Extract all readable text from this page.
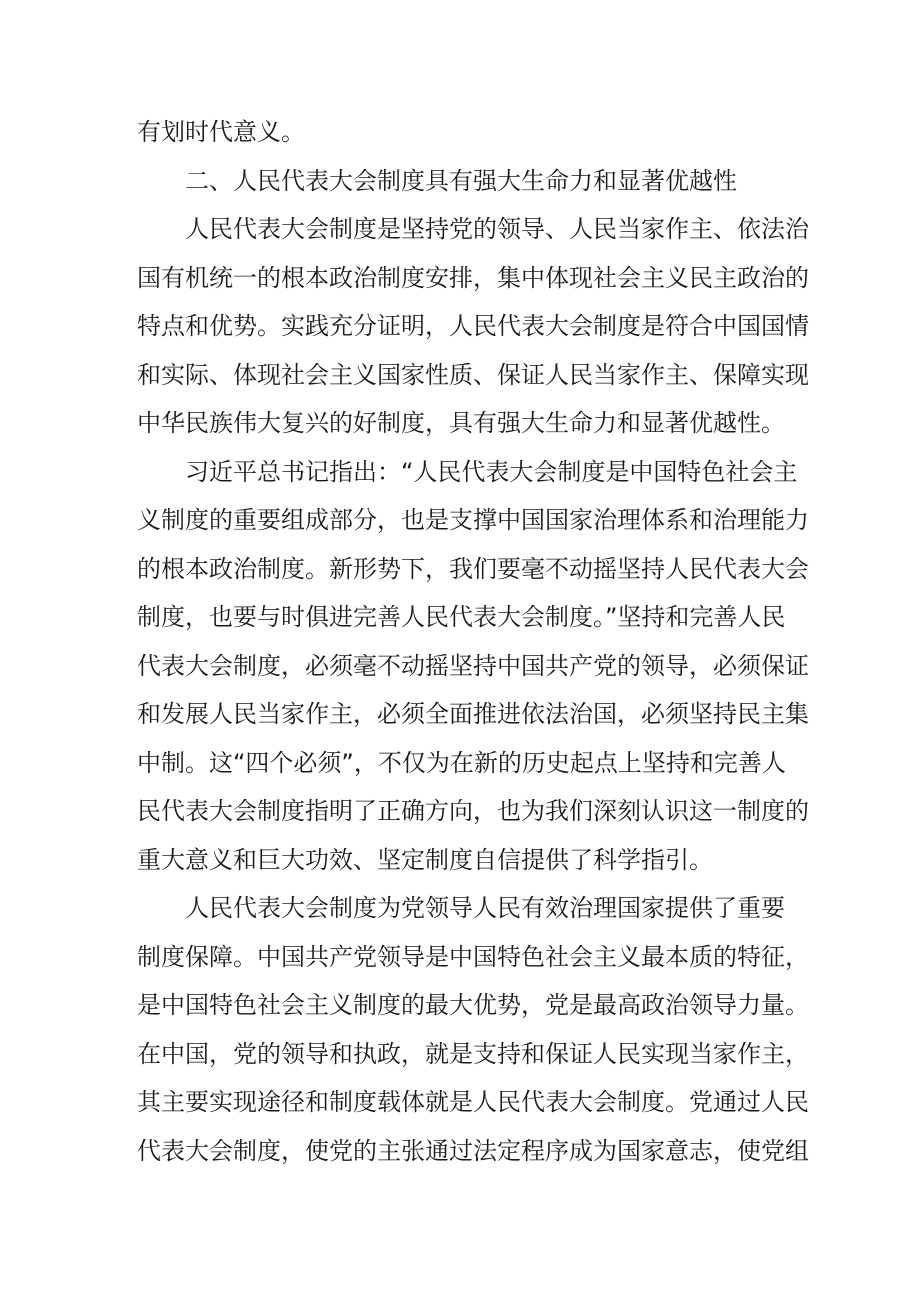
有划时代意义。
二、人民代表大会制度具有强大生命力和显著优越性
人民代表大会制度是坚持党的领导、人民当家作主、依法治
国有机统一的根本政治制度安排，集中体现社会主义民主政治的
特点和优势。实践充分证明，人民代表大会制度是符合中国国情
和实际、体现社会主义国家性质、保证人民当家作主、保障实现
中华民族伟大复兴的好制度，具有强大生命力和显著优越性。
习近平总书记指出：“人民代表大会制度是中国特色社会主
义制度的重要组成部分，也是支撑中国国家治理体系和治理能力
的根本政治制度。新形势下，我们要毫不动摇坚持人民代表大会
制度，也要与时俱进完善人民代表大会制度。”坚持和完善人民
代表大会制度，必须毫不动摇坚持中国共产党的领导，必须保证
和发展人民当家作主，必须全面推进依法治国，必须坚持民主集
中制。这“四个必须”，不仅为在新的历史起点上坚持和完善人
民代表大会制度指明了正确方向，也为我们深刻认识这一制度的
重大意义和巨大功效、坚定制度自信提供了科学指引。
人民代表大会制度为党领导人民有效治理国家提供了重要
制度保障。中国共产党领导是中国特色社会主义最本质的特征，
是中国特色社会主义制度的最大优势，党是最高政治领导力量。
在中国，党的领导和执政，就是支持和保证人民实现当家作主，
其主要实现途径和制度载体就是人民代表大会制度。党通过人民
代表大会制度，使党的主张通过法定程序成为国家意志，使党组
